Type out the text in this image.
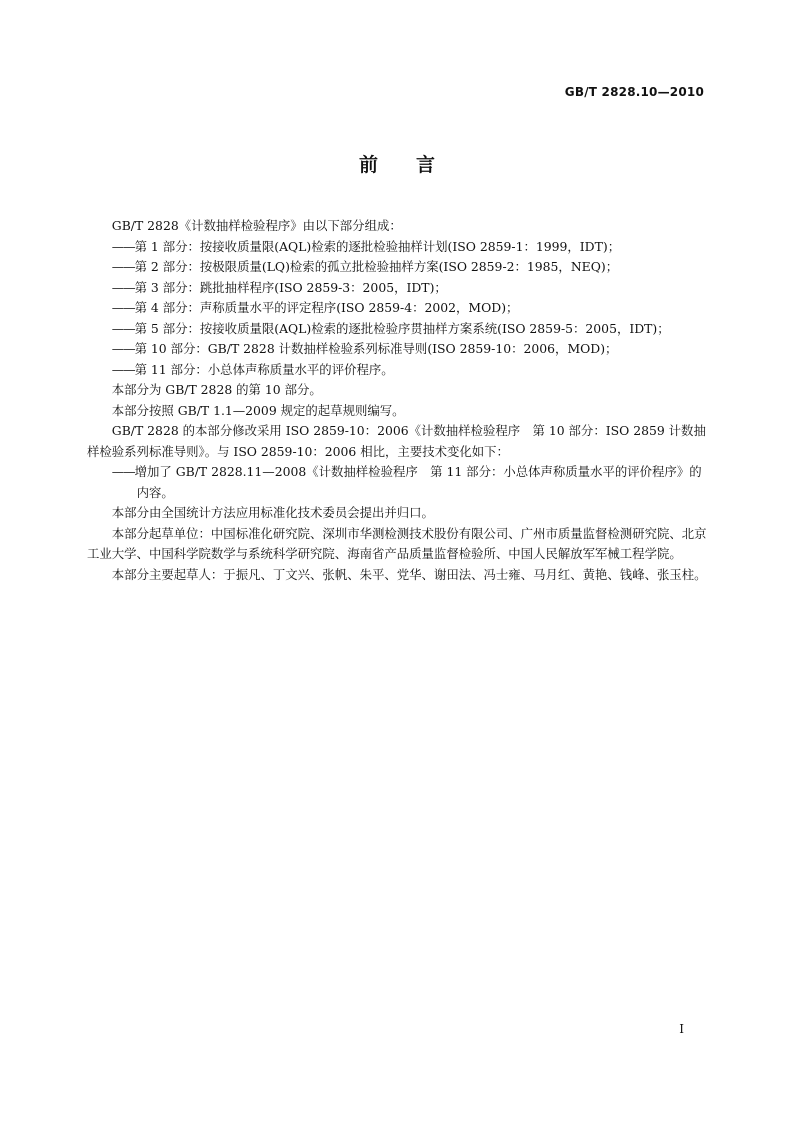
GB/T 2828.10—2010
前言

GB/T 2828《计数抽样检验程序》由以下部分组成：

—— 第 1 部分：按接收质量限(AQL)检索的逐批检验抽样计划(ISO 2859-1：1999，IDT)；

—— 第 2 部分：按极限质量(LQ)检索的孤立批检验抽样方案(ISO 2859-2：1985，NEQ)；

—— 第 3 部分：跳批抽样程序(ISO 2859-3：2005，IDT)；

—— 第 4 部分：声称质量水平的评定程序(ISO 2859-4：2002，MOD)；

—— 第 5 部分：按接收质量限(AQL)检索的逐批检验序贯抽样方案系统(ISO 2859-5：2005，IDT)；

—— 第 10 部分：GB/T 2828 计数抽样检验系列标准导则(ISO 2859-10：2006，MOD)；

—— 第 11 部分：小总体声称质量水平的评价程序。

本部分为 GB/T 2828 的第 10 部分。

本部分按照 GB/T 1.1—2009 规定的起草规则编写。

GB/T 2828 的本部分修改采用 ISO 2859-10：2006《计数抽样检验程序　第 10 部分：ISO 2859 计数抽样检验系列标准导则》。与 ISO 2859-10：2006 相比，主要技术变化如下：

—— 增加了 GB/T 2828.11—2008《计数抽样检验程序　第 11 部分：小总体声称质量水平的评价程序》的内容。

本部分由全国统计方法应用标准化技术委员会提出并归口。

本部分起草单位：中国标准化研究院、深圳市华测检测技术股份有限公司、广州市质量监督检测研究院、北京工业大学、中国科学院数学与系统科学研究院、海南省产品质量监督检验所、中国人民解放军军械工程学院。

本部分主要起草人：于振凡、丁文兴、张帆、朱平、党华、谢田法、冯士雍、马月红、黄艳、钱峰、张玉柱。

I
